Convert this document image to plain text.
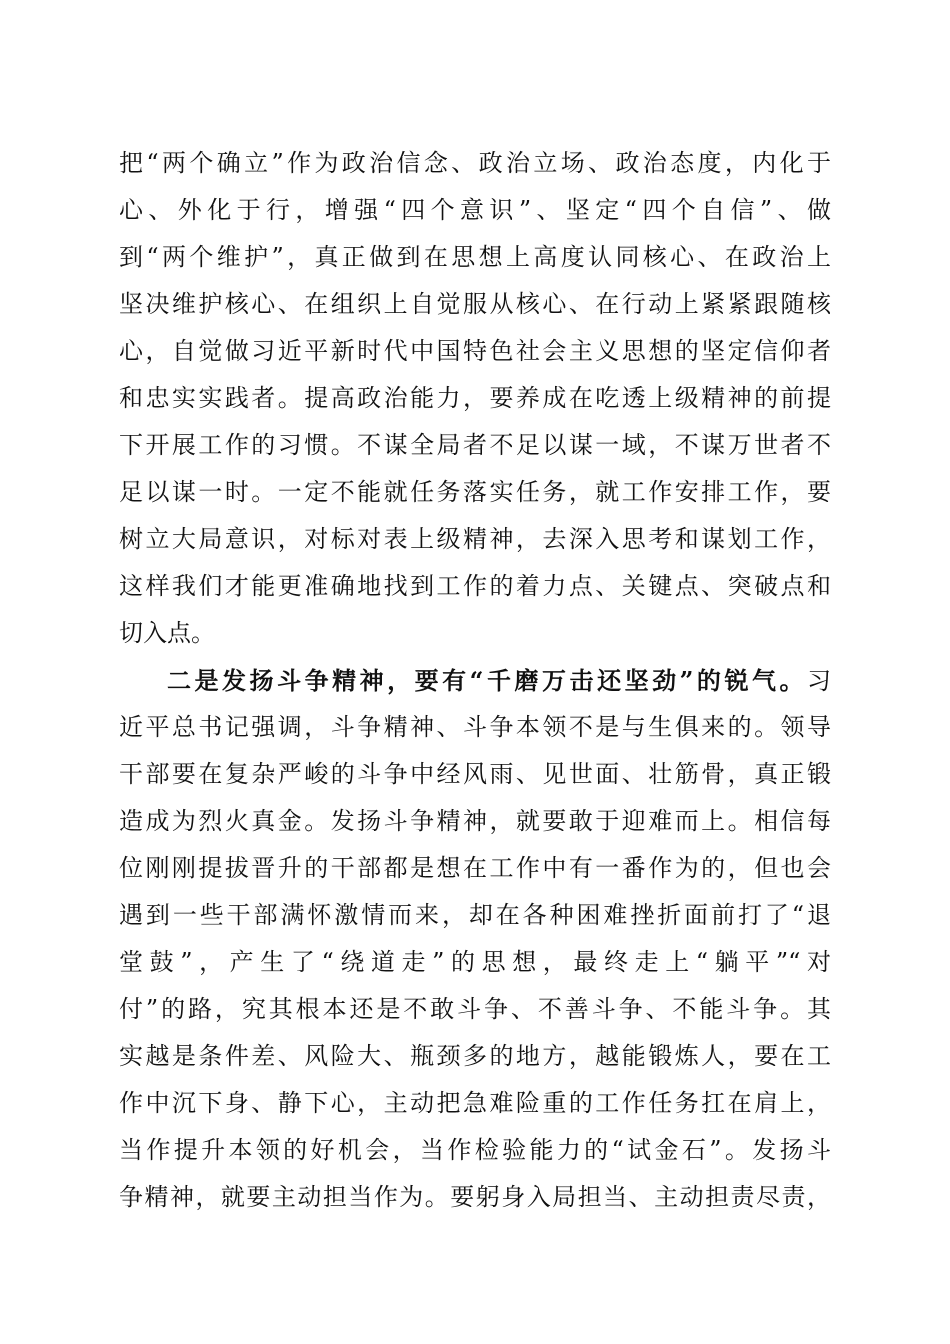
把“两个确立”作为政治信念、政治立场、政治态度，内化于
心、外化于行，增强“四个意识”、坚定“四个自信”、做
到“两个维护”，真正做到在思想上高度认同核心、在政治上
坚决维护核心、在组织上自觉服从核心、在行动上紧紧跟随核
心，自觉做习近平新时代中国特色社会主义思想的坚定信仰者
和忠实实践者。提高政治能力，要养成在吃透上级精神的前提
下开展工作的习惯。不谋全局者不足以谋一域，不谋万世者不
足以谋一时。一定不能就任务落实任务，就工作安排工作，要
树立大局意识，对标对表上级精神，去深入思考和谋划工作，
这样我们才能更准确地找到工作的着力点、关键点、突破点和
切入点。
二是发扬斗争精神，要有“千磨万击还坚劲”的锐气。习
近平总书记强调，斗争精神、斗争本领不是与生俱来的。领导
干部要在复杂严峻的斗争中经风雨、见世面、壮筋骨，真正锻
造成为烈火真金。发扬斗争精神，就要敢于迎难而上。相信每
位刚刚提拔晋升的干部都是想在工作中有一番作为的，但也会
遇到一些干部满怀激情而来，却在各种困难挫折面前打了“退
堂鼓”，产生了“绕道走”的思想，最终走上“躺平”“对
付”的路，究其根本还是不敢斗争、不善斗争、不能斗争。其
实越是条件差、风险大、瓶颈多的地方，越能锻炼人，要在工
作中沉下身、静下心，主动把急难险重的工作任务扛在肩上，
当作提升本领的好机会，当作检验能力的“试金石”。发扬斗
争精神，就要主动担当作为。要躬身入局担当、主动担责尽责，
